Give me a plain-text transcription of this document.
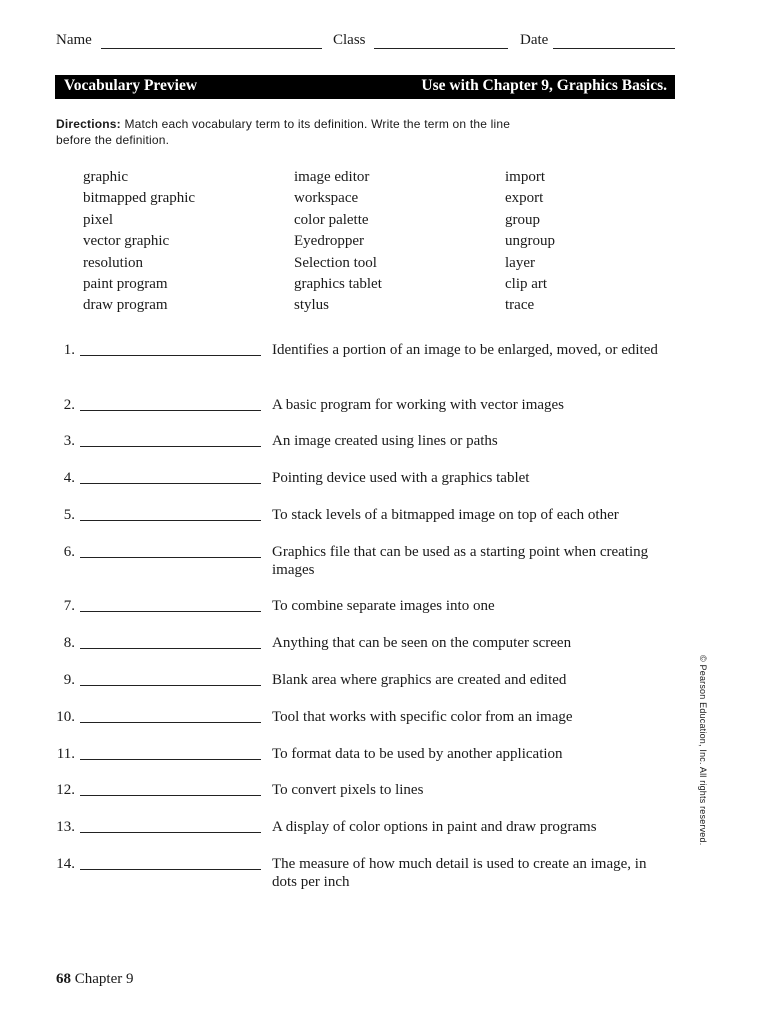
Name	Class	Date
Vocabulary Preview	Use with Chapter 9, Graphics Basics.
Directions: Match each vocabulary term to its definition. Write the term on the line before the definition.
graphic
bitmapped graphic
pixel
vector graphic
resolution
paint program
draw program
image editor
workspace
color palette
Eyedropper
Selection tool
graphics tablet
stylus
import
export
group
ungroup
layer
clip art
trace
1.	Identifies a portion of an image to be enlarged, moved, or edited
2.	A basic program for working with vector images
3.	An image created using lines or paths
4.	Pointing device used with a graphics tablet
5.	To stack levels of a bitmapped image on top of each other
6.	Graphics file that can be used as a starting point when creating images
7.	To combine separate images into one
8.	Anything that can be seen on the computer screen
9.	Blank area where graphics are created and edited
10.	Tool that works with specific color from an image
11.	To format data to be used by another application
12.	To convert pixels to lines
13.	A display of color options in paint and draw programs
14.	The measure of how much detail is used to create an image, in dots per inch
© Pearson Education, Inc. All rights reserved.
68 Chapter 9
